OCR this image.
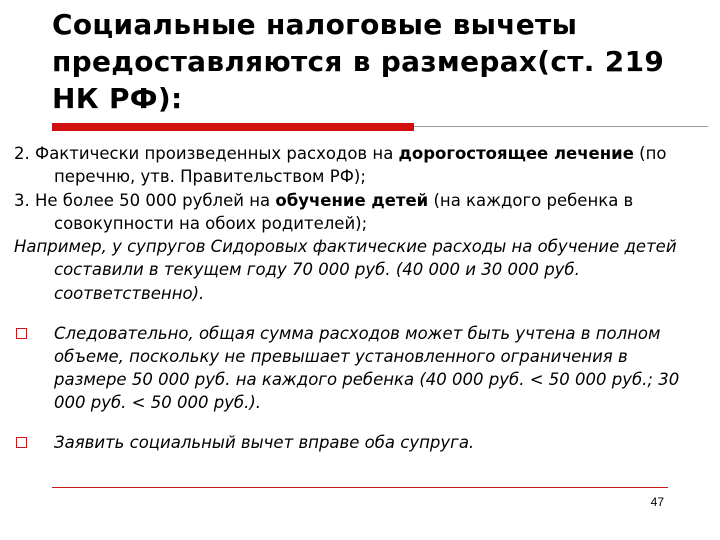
Социальные налоговые вычеты
предоставляются в размерах(ст. 219
НК РФ):

2. Фактически произведенных расходов на дорогостоящее лечение (по перечню, утв. Правительством РФ);

3. Не более 50 000 рублей на обучение детей (на каждого ребенка в совокупности на обоих родителей);

Например, у супругов Сидоровых фактические расходы на обучение детей составили в текущем году 70 000 руб. (40 000 и 30 000 руб. соответственно).

Следовательно, общая сумма расходов может быть учтена в полном объеме, поскольку не превышает установленного ограничения в размере 50 000 руб. на каждого ребенка (40 000 руб. < 50 000 руб.; 30 000 руб. < 50 000 руб.).

Заявить социальный вычет вправе оба супруга.

47
